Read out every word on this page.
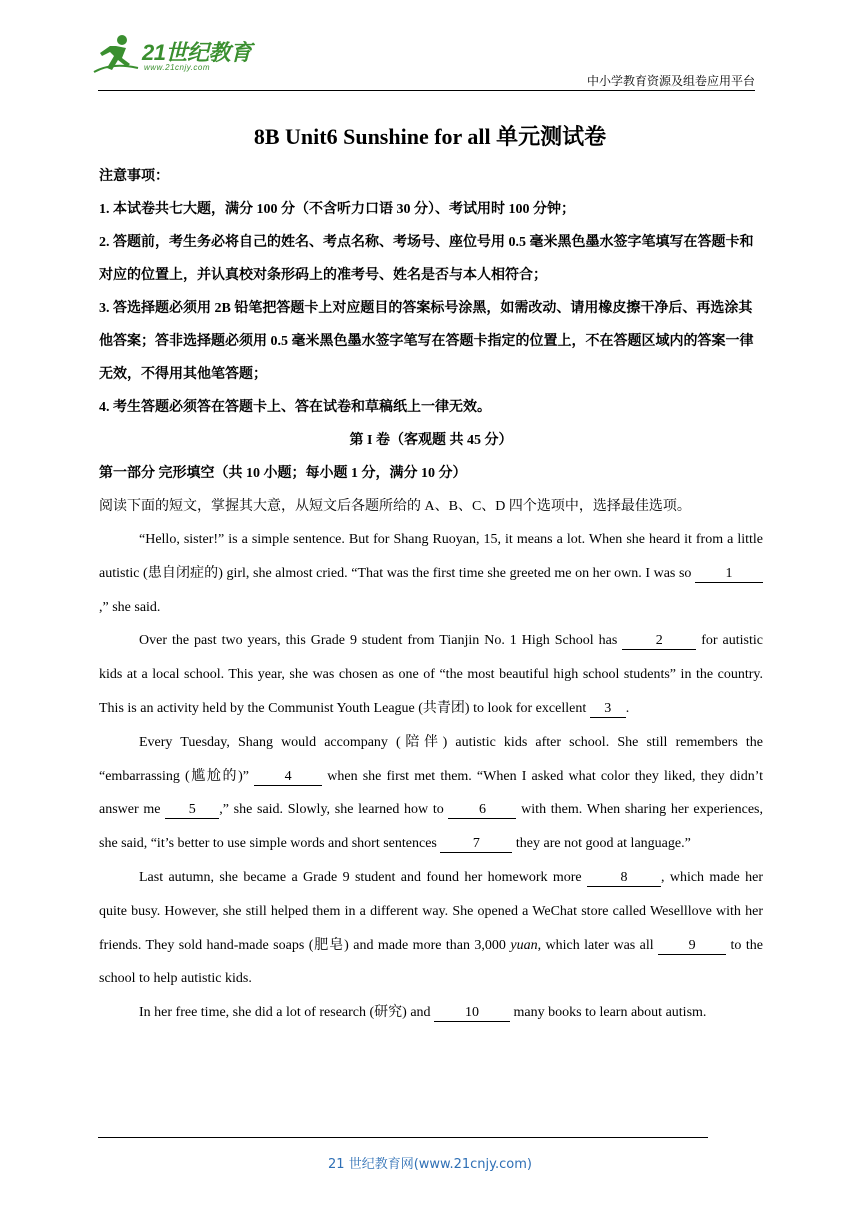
21世纪教育
www.21cnjy.com
中小学教育资源及组卷应用平台
8B Unit6 Sunshine for all 单元测试卷
注意事项：
1. 本试卷共七大题，满分 100 分（不含听力口语 30 分）、考试用时 100 分钟；
2. 答题前，考生务必将自己的姓名、考点名称、考场号、座位号用 0.5 毫米黑色墨水签字笔填写在答题卡和对应的位置上，并认真校对条形码上的准考号、姓名是否与本人相符合；
3. 答选择题必须用 2B 铅笔把答题卡上对应题目的答案标号涂黑，如需改动、请用橡皮擦干净后、再选涂其他答案；答非选择题必须用 0.5 毫米黑色墨水签字笔写在答题卡指定的位置上，不在答题区域内的答案一律无效，不得用其他笔答题；
4. 考生答题必须答在答题卡上、答在试卷和草稿纸上一律无效。
第 I 卷（客观题 共 45 分）
第一部分 完形填空（共 10 小题；每小题 1 分，满分 10 分）
阅读下面的短文，掌握其大意，从短文后各题所给的 A、B、C、D 四个选项中，选择最佳选项。

“Hello, sister!” is a simple sentence. But for Shang Ruoyan, 15, it means a lot. When she heard it from a little autistic (患自闭症的) girl, she almost cried. “That was the first time she greeted me on her own. I was so 1,” she said.

Over the past two years, this Grade 9 student from Tianjin No. 1 High School has 2 for autistic kids at a local school. This year, she was chosen as one of “the most beautiful high school students” in the country. This is an activity held by the Communist Youth League (共青团) to look for excellent 3 .

Every Tuesday, Shang would accompany (陪伴) autistic kids after school. She still remembers the “embarrassing (尴尬的)” 4 when she first met them. “When I asked what color they liked, they didn’t answer me 5 ,” she said. Slowly, she learned how to 6 with them. When sharing her experiences, she said, “it’s better to use simple words and short sentences 7 they are not good at language.”

Last autumn, she became a Grade 9 student and found her homework more 8 , which made her quite busy. However, she still helped them in a different way. She opened a WeChat store called Weselllove with her friends. They sold hand-made soaps (肥皂) and made more than 3,000 yuan, which later was all 9 to the school to help autistic kids.

In her free time, she did a lot of research (研究) and 10 many books to learn about autism.

21 世纪教育网(www.21cnjy.com)
